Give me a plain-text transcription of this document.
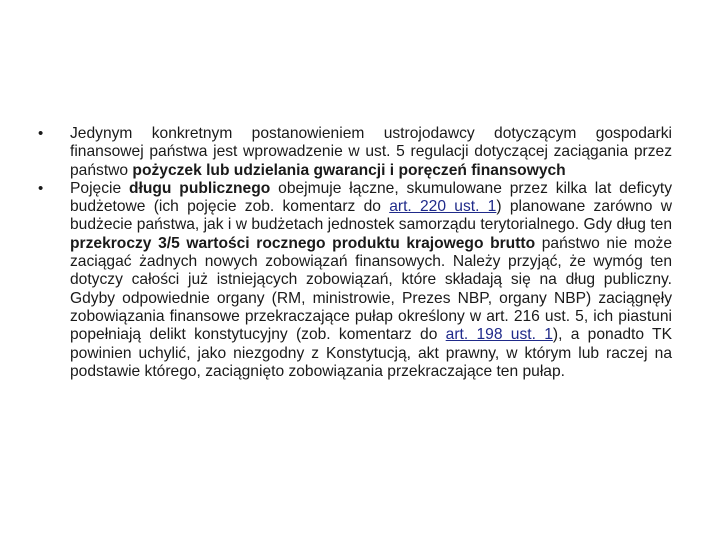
•	Jedynym konkretnym postanowieniem ustrojodawcy dotyczącym gospodarki finansowej państwa jest wprowadzenie w ust. 5 regulacji dotyczącej zaciągania przez państwo pożyczek lub udzielania gwarancji i poręczeń finansowych
•	Pojęcie długu publicznego obejmuje łączne, skumulowane przez kilka lat deficyty budżetowe (ich pojęcie zob. komentarz do art. 220 ust. 1) planowane zarówno w budżecie państwa, jak i w budżetach jednostek samorządu terytorialnego. Gdy dług ten przekroczy 3/5 wartości rocznego produktu krajowego brutto państwo nie może zaciągać żadnych nowych zobowiązań finansowych. Należy przyjąć, że wymóg ten dotyczy całości już istniejących zobowiązań, które składają się na dług publiczny. Gdyby odpowiednie organy (RM, ministrowie, Prezes NBP, organy NBP) zaciągnęły zobowiązania finansowe przekraczające pułap określony w art. 216 ust. 5, ich piastuni popełniają delikt konstytucyjny (zob. komentarz do art. 198 ust. 1), a ponadto TK powinien uchylić, jako niezgodny z Konstytucją, akt prawny, w którym lub raczej na podstawie którego, zaciągnięto zobowiązania przekraczające ten pułap.
